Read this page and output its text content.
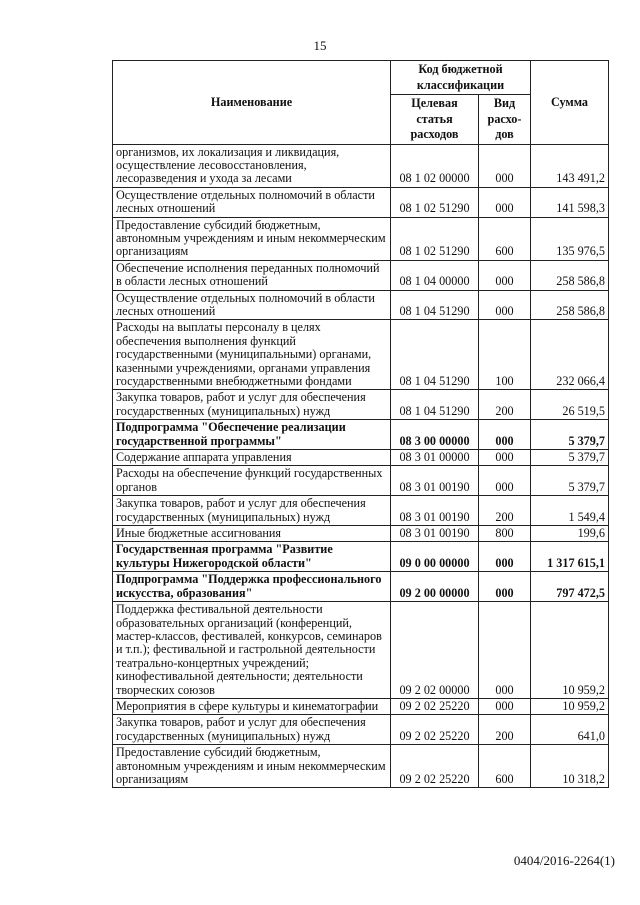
15
Наименование	Код бюджетной классификации		Сумма
	Целевая статья расходов	Вид расхо- дов	
организмов, их локализация и ликвидация, осуществление лесовосстановления, лесоразведения и ухода за лесами	08 1 02 00000	000	143 491,2
Осуществление отдельных полномочий в области лесных отношений	08 1 02 51290	000	141 598,3
Предоставление субсидий бюджетным, автономным учреждениям и иным некоммерческим организациям	08 1 02 51290	600	135 976,5
Обеспечение исполнения переданных полномочий в области лесных отношений	08 1 04 00000	000	258 586,8
Осуществление отдельных полномочий в области лесных отношений	08 1 04 51290	000	258 586,8
Расходы на выплаты персоналу в целях обеспечения выполнения функций государственными (муниципальными) органами, казенными учреждениями, органами управления государственными внебюджетными фондами	08 1 04 51290	100	232 066,4
Закупка товаров, работ и услуг для обеспечения государственных (муниципальных) нужд	08 1 04 51290	200	26 519,5
Подпрограмма "Обеспечение реализации государственной программы"	08 3 00 00000	000	5 379,7
Содержание аппарата управления	08 3 01 00000	000	5 379,7
Расходы на обеспечение функций государственных органов	08 3 01 00190	000	5 379,7
Закупка товаров, работ и услуг для обеспечения государственных (муниципальных) нужд	08 3 01 00190	200	1 549,4
Иные бюджетные ассигнования	08 3 01 00190	800	199,6
Государственная программа "Развитие культуры Нижегородской области"	09 0 00 00000	000	1 317 615,1
Подпрограмма "Поддержка профессионального искусства, образования"	09 2 00 00000	000	797 472,5
Поддержка фестивальной деятельности образовательных организаций (конференций, мастер-классов, фестивалей, конкурсов, семинаров и т.п.); фестивальной и гастрольной деятельности театрально-концертных учреждений; кинофестивальной деятельности; деятельности творческих союзов	09 2 02 00000	000	10 959,2
Мероприятия в сфере культуры и кинематографии	09 2 02 25220	000	10 959,2
Закупка товаров, работ и услуг для обеспечения государственных (муниципальных) нужд	09 2 02 25220	200	641,0
Предоставление субсидий бюджетным, автономным учреждениям и иным некоммерческим организациям	09 2 02 25220	600	10 318,2
0404/2016-2264(1)
